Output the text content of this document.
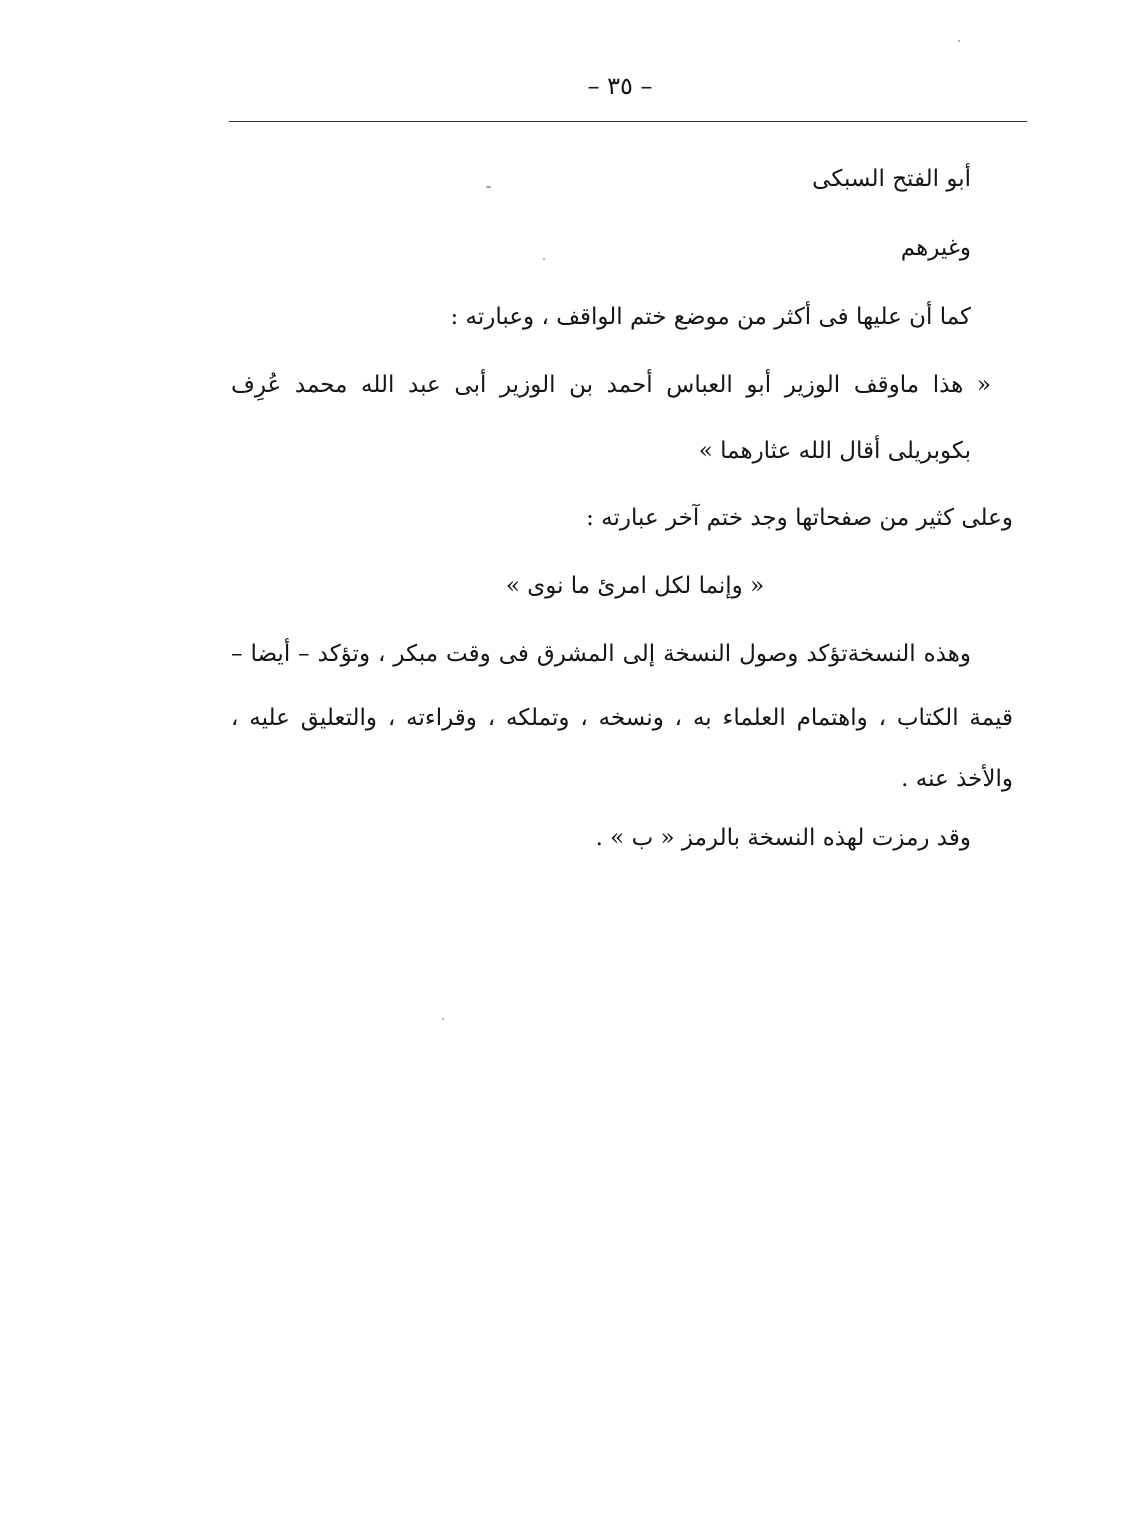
– ٣٥ –
أبو الفتح السبكى
وغيرهم
كما أن عليها فى أكثر من موضع ختم الواقف ، وعبارته :
« هذا ماوقف الوزير أبو العباس أحمد بن الوزير أبى عبد الله محمد عُرِف
بكوبريلى أقال الله عثارهما »
وعلى كثير من صفحاتها وجد ختم آخر عبارته :
« وإنما لكل امرئ ما نوى »
وهذه النسخةتؤكد وصول النسخة إلى المشرق فى وقت مبكر ، وتؤكد – أيضا –
قيمة الكتاب ، واهتمام العلماء به ، ونسخه ، وتملكه ، وقراءته ، والتعليق عليه ،
والأخذ عنه .
وقد رمزت لهذه النسخة بالرمز « ب » .
